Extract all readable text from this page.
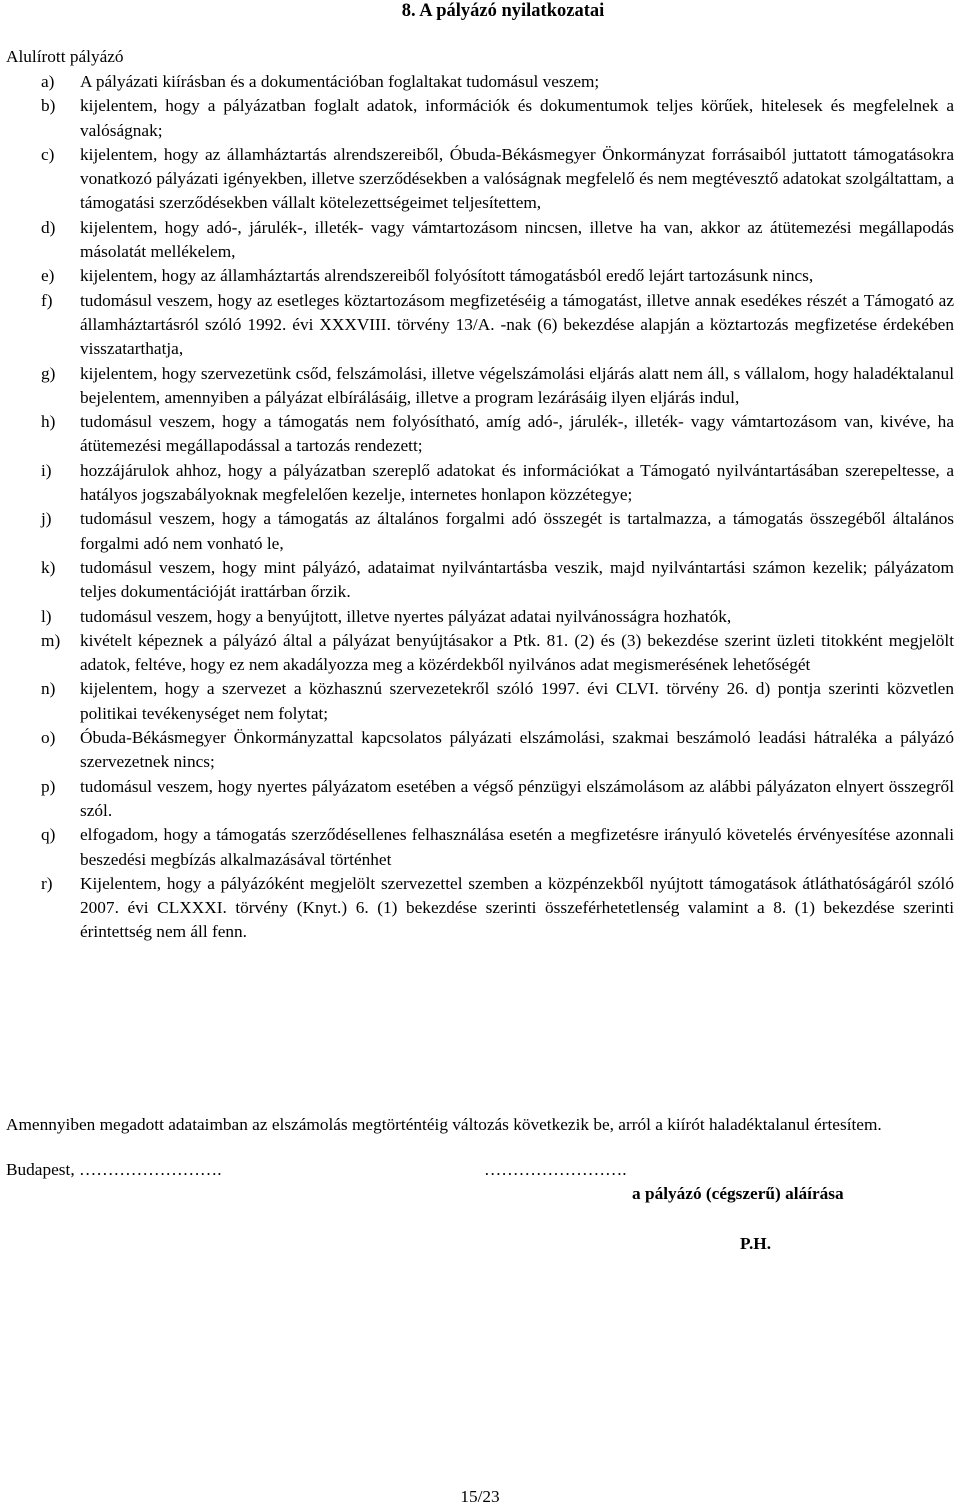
8. A pályázó nyilatkozatai
Alulírott pályázó
a) A pályázati kiírásban és a dokumentációban foglaltakat tudomásul veszem;
b) kijelentem, hogy a pályázatban foglalt adatok, információk és dokumentumok teljes körűek, hitelesek és megfelelnek a valóságnak;
c) kijelentem, hogy az államháztartás alrendszereiből, Óbuda-Békásmegyer Önkormányzat forrásaiból juttatott támogatásokra vonatkozó pályázati igényekben, illetve szerződésekben a valóságnak megfelelő és nem megtévesztő adatokat szolgáltattam, a támogatási szerződésekben vállalt kötelezettségeimet teljesítettem,
d) kijelentem, hogy adó-, járulék-, illeték- vagy vámtartozásom nincsen, illetve ha van, akkor az átütemezési megállapodás másolatát mellékelem,
e) kijelentem, hogy az államháztartás alrendszereiből folyósított támogatásból eredő lejárt tartozásunk nincs,
f) tudomásul veszem, hogy az esetleges köztartozásom megfizetéséig a támogatást, illetve annak esedékes részét a Támogató az államháztartásról szóló 1992. évi XXXVIII. törvény 13/A. -nak (6) bekezdése alapján a köztartozás megfizetése érdekében visszatarthatja,
g) kijelentem, hogy szervezetünk csőd, felszámolási, illetve végelszámolási eljárás alatt nem áll, s vállalom, hogy haladéktalanul bejelentem, amennyiben a pályázat elbírálásáig, illetve a program lezárásáig ilyen eljárás indul,
h) tudomásul veszem, hogy a támogatás nem folyósítható, amíg adó-, járulék-, illeték- vagy vámtartozásom van, kivéve, ha átütemezési megállapodással a tartozás rendezett;
i) hozzájárulok ahhoz, hogy a pályázatban szereplő adatokat és információkat a Támogató nyilvántartásában szerepeltesse, a hatályos jogszabályoknak megfelelően kezelje, internetes honlapon közzétegye;
j) tudomásul veszem, hogy a támogatás az általános forgalmi adó összegét is tartalmazza, a támogatás összegéből általános forgalmi adó nem vonható le,
k) tudomásul veszem, hogy mint pályázó, adataimat nyilvántartásba veszik, majd nyilvántartási számon kezelik; pályázatom teljes dokumentációját irattárban őrzik.
l) tudomásul veszem, hogy a benyújtott, illetve nyertes pályázat adatai nyilvánosságra hozhatók,
m) kivételt képeznek a pályázó által a pályázat benyújtásakor a Ptk. 81. (2) és (3) bekezdése szerint üzleti titokként megjelölt adatok, feltéve, hogy ez nem akadályozza meg a közérdekből nyilvános adat megismerésének lehetőségét
n) kijelentem, hogy a szervezet a közhasznú szervezetekről szóló 1997. évi CLVI. törvény 26. d) pontja szerinti közvetlen politikai tevékenységet nem folytat;
o) Óbuda-Békásmegyer Önkormányzattal kapcsolatos pályázati elszámolási, szakmai beszámoló leadási hátraléka a pályázó szervezetnek nincs;
p) tudomásul veszem, hogy nyertes pályázatom esetében a végső pénzügyi elszámolásom az alábbi pályázaton elnyert összegről szól.
q) elfogadom, hogy a támogatás szerződésellenes felhasználása esetén a megfizetésre irányuló követelés érvényesítése azonnali beszedési megbízás alkalmazásával történhet
r) Kijelentem, hogy a pályázóként megjelölt szervezettel szemben a közpénzekből nyújtott támogatások átláthatóságáról szóló 2007. évi CLXXXI. törvény (Knyt.) 6. (1) bekezdése szerinti összeférhetetlenség valamint a 8. (1) bekezdése szerinti érintettség nem áll fenn.
Amennyiben megadott adataimban az elszámolás megtörténtéig változás következik be, arról a kiírót haladéktalanul értesítem.
Budapest, …………………….	…………………….
a pályázó (cégszerű) aláírása
P.H.
15/23
